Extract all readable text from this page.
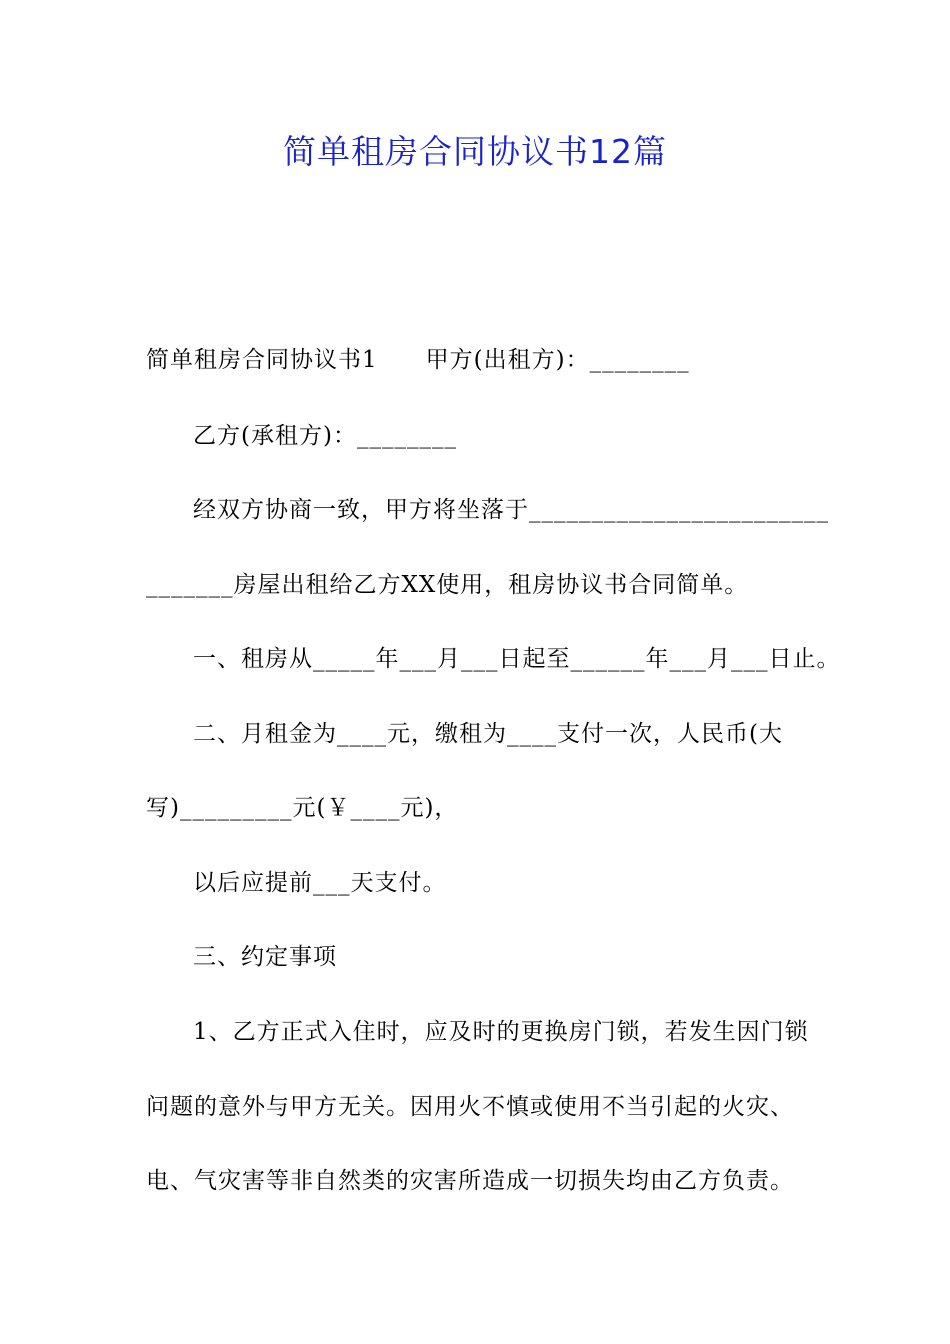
简单租房合同协议书12篇
简单租房合同协议书1　　甲方(出租方)：________
乙方(承租方)：________
经双方协商一致，甲方将坐落于________________________
_______房屋出租给乙方XX使用，租房协议书合同简单。
一、租房从_____年___月___日起至______年___月___日止。
二、月租金为____元，缴租为____支付一次，人民币(大
写)_________元(￥____元)，
以后应提前___天支付。
三、约定事项
1、乙方正式入住时，应及时的更换房门锁，若发生因门锁
问题的意外与甲方无关。因用火不慎或使用不当引起的火灾、
电、气灾害等非自然类的灾害所造成一切损失均由乙方负责。
